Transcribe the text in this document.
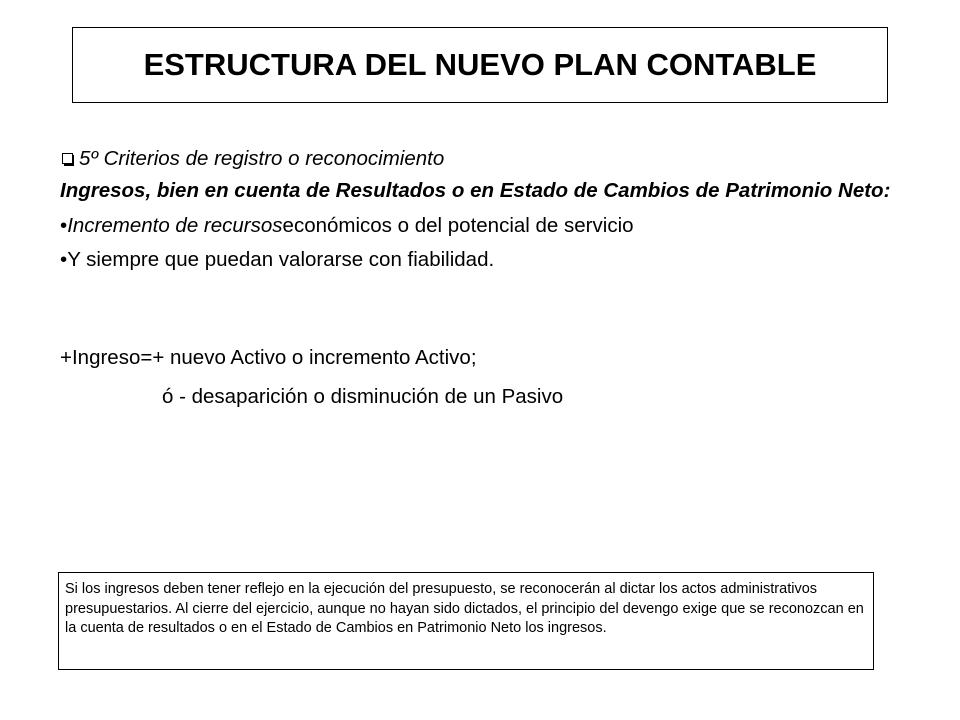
ESTRUCTURA DEL NUEVO PLAN CONTABLE
5º Criterios de registro o reconocimiento
Ingresos, bien en cuenta de Resultados o en Estado de Cambios de Patrimonio Neto:
• Incremento de recursos económicos o del potencial de servicio
• Y siempre que puedan valorarse con fiabilidad.
+Ingreso=+ nuevo Activo o incremento Activo;
ó - desaparición o disminución de un Pasivo
Si los ingresos deben tener reflejo en la ejecución del presupuesto, se reconocerán al dictar los actos administrativos presupuestarios. Al cierre del ejercicio, aunque no hayan sido dictados, el principio del devengo exige que se reconozcan en la cuenta de resultados o en el Estado de Cambios en Patrimonio Neto los ingresos.
